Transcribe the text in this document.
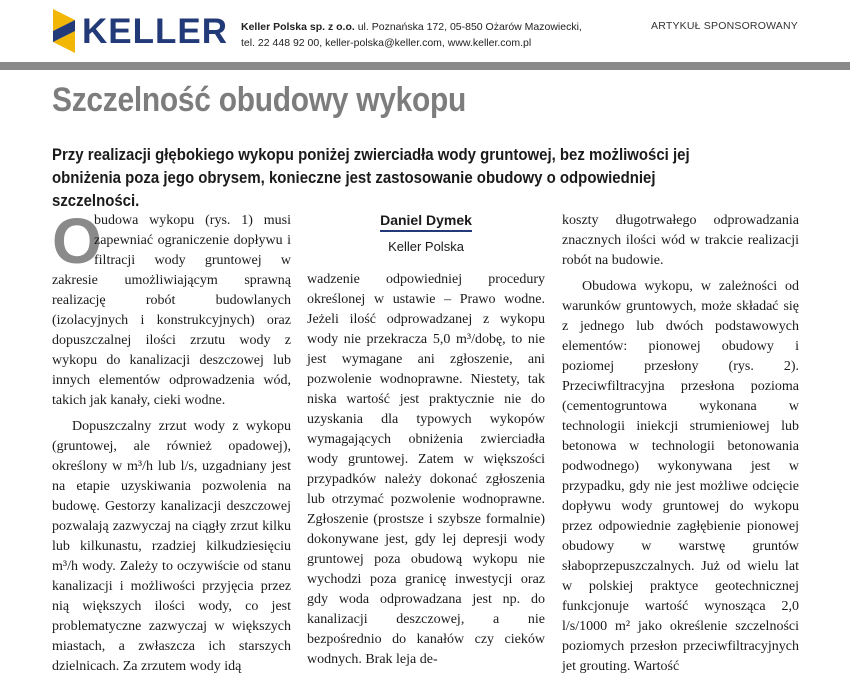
KELLER Keller Polska sp. z o.o. ul. Poznańska 172, 05-850 Ożarów Mazowiecki,
tel. 22 448 92 00, keller-polska@keller.com, www.keller.com.pl
ARTYKUŁ SPONSOROWANY
Szczelność obudowy wykopu

Przy realizacji głębokiego wykopu poniżej zwierciadła wody gruntowej, bez możliwości jej obniżenia poza jego obrysem, konieczne jest zastosowanie obudowy o odpowiedniej szczelności.

O
budowa wykopu (rys. 1) musi zapewniać ograniczenie dopływu i filtracji wody gruntowej w zakresie umożliwiającym sprawną realizację robót budowlanych (izolacyjnych i konstrukcyjnych) oraz dopuszczalnej ilości zrzutu wody z wykopu do kanalizacji deszczowej lub innych elementów odprowadzenia wód, takich jak kanały, cieki wodne.

Dopuszczalny zrzut wody z wykopu (gruntowej, ale również opadowej), określony w m³/h lub l/s, uzgadniany jest na etapie uzyskiwania pozwolenia na budowę. Gestorzy kanalizacji deszczowej pozwalają zazwyczaj na ciągły zrzut kilku lub kilkunastu, rzadziej kilkudziesięciu m³/h wody. Zależy to oczywiście od stanu kanalizacji i możliwości przyjęcia przez nią większych ilości wody, co jest problematyczne zazwyczaj w większych miastach, a zwłaszcza ich starszych dzielnicach. Za zrzutem wody idą

Daniel Dymek
Keller Polska

wadzenie odpowiedniej procedury określonej w ustawie – Prawo wodne. Jeżeli ilość odprowadzanej z wykopu wody nie przekracza 5,0 m³/dobę, to nie jest wymagane ani zgłoszenie, ani pozwolenie wodnoprawne. Niestety, tak niska wartość jest praktycznie nie do uzyskania dla typowych wykopów wymagających obniżenia zwierciadła wody gruntowej. Zatem w większości przypadków należy dokonać zgłoszenia lub otrzymać pozwolenie wodnoprawne. Zgłoszenie (prostsze i szybsze formalnie) dokonywane jest, gdy lej depresji wody gruntowej poza obudową wykopu nie wychodzi poza granicę inwestycji oraz gdy woda odprowadzana jest np. do kanalizacji deszczowej, a nie bezpośrednio do kanałów czy cieków wodnych. Brak leja de-

koszty długotrwałego odprowadzania znacznych ilości wód w trakcie realizacji robót na budowie.

Obudowa wykopu, w zależności od warunków gruntowych, może składać się z jednego lub dwóch podstawowych elementów: pionowej obudowy i poziomej przesłony (rys. 2). Przeciwfiltracyjna przesłona pozioma (cementogruntowa wykonana w technologii iniekcji strumieniowej lub betonowa w technologii betonowania podwodnego) wykonywana jest w przypadku, gdy nie jest możliwe odcięcie dopływu wody gruntowej do wykopu przez odpowiednie zagłębienie pionowej obudowy w warstwę gruntów słaboprzepuszczalnych. Już od wielu lat w polskiej praktyce geotechnicznej funkcjonuje wartość wynosząca 2,0 l/s/1000 m² jako określenie szczelności poziomych przesłon przeciwfiltracyjnych jet grouting. Wartość
